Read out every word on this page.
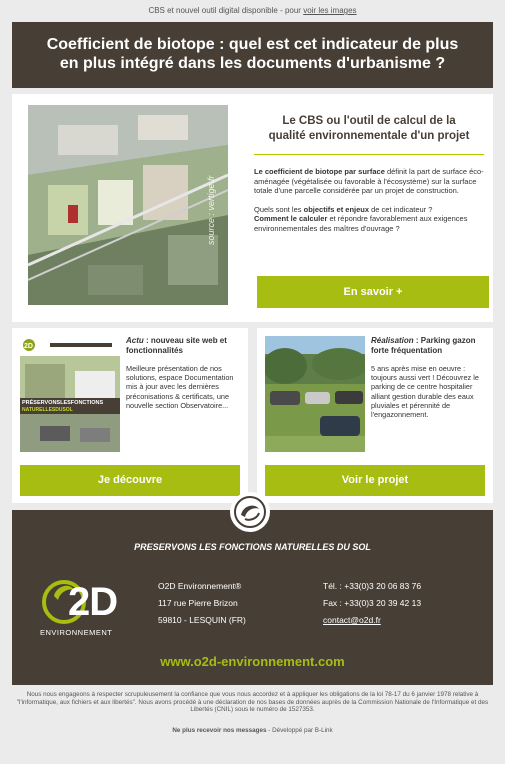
CBS et nouvel outil digital disponible - pour voir les images
Coefficient de biotope : quel est cet indicateur de plus
en plus intégré dans les documents d'urbanisme ?
source : vertige.fr
Le CBS ou l'outil de calcul de la
qualité environnementale d'un projet

Le coefficient de biotope par surface définit la part de surface éco-aménagée (végétalisée ou favorable à l'écosystème) sur la surface totale d'une parcelle considérée par un projet de construction.

Quels sont les objectifs et enjeux de cet indicateur ?
Comment le calculer et répondre favorablement aux exigences environnementales des maîtres d'ouvrage ?

En savoir +
2D
PRÉSERVONSLESFONCTIONS
NATURELLESDUSOL
Actu : nouveau site web et fonctionnalités
Meilleure présentation de nos solutions, espace Documentation mis à jour avec les dernières préconisations & certificats, une nouvelle section Observatoire...
Je découvre
Réalisation : Parking gazon forte fréquentation
5 ans après mise en oeuvre : toujours aussi vert ! Découvrez le parking de ce centre hospitalier alliant gestion durable des eaux pluviales et pérennité de l'engazonnement.
Voir le projet
PRESERVONS LES FONCTIONS NATURELLES DU SOL
2D
ENVIRONNEMENT
O2D Environnement®
117 rue Pierre Brizon
59810 - LESQUIN (FR)
Tél. : +33(0)3 20 06 83 76
Fax : +33(0)3 20 39 42 13
contact@o2d.fr
www.o2d-environnement.com
Nous nous engageons à respecter scrupuleusement la confiance que vous nous accordez et à appliquer les obligations de la loi 78-17 du 6 janvier 1978 relative à "l'informatique, aux fichiers et aux libertés". Nous avons procédé à une déclaration de nos bases de données auprès de la Commission Nationale de l'Informatique et des Libertés (CNIL) sous le numéro de 1527353.
Ne plus recevoir nos messages - Développé par B-Link
